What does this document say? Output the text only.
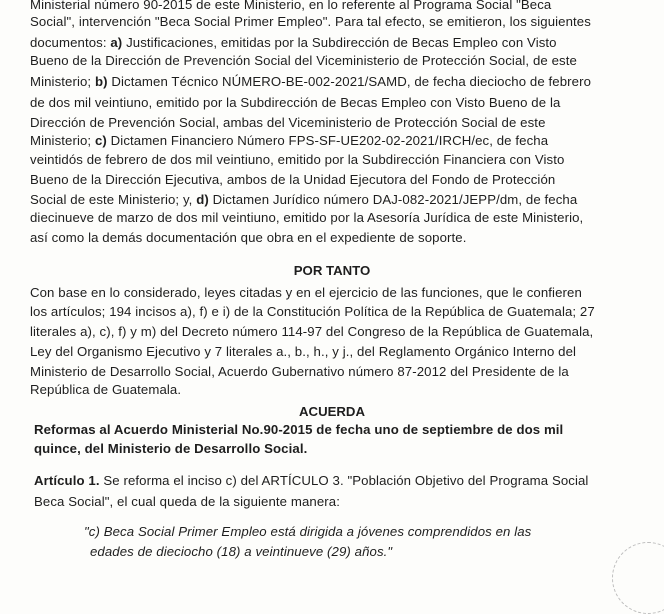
Ministerial número 90-2015 de este Ministerio, en lo referente al Programa Social "Beca
Social", intervención "Beca Social Primer Empleo". Para tal efecto, se emitieron, los siguientes
documentos: a) Justificaciones, emitidas por la Subdirección de Becas Empleo con Visto
Bueno de la Dirección de Prevención Social del Viceministerio de Protección Social, de este
Ministerio; b) Dictamen Técnico NÚMERO-BE-002-2021/SAMD, de fecha dieciocho de febrero
de dos mil veintiuno, emitido por la Subdirección de Becas Empleo con Visto Bueno de la
Dirección de Prevención Social, ambas del Viceministerio de Protección Social de este
Ministerio; c) Dictamen Financiero Número FPS-SF-UE202-02-2021/IRCH/ec, de fecha
veintidós de febrero de dos mil veintiuno, emitido por la Subdirección Financiera con Visto
Bueno de la Dirección Ejecutiva, ambos de la Unidad Ejecutora del Fondo de Protección
Social de este Ministerio; y, d) Dictamen Jurídico número DAJ-082-2021/JEPP/dm, de fecha
diecinueve de marzo de dos mil veintiuno, emitido por la Asesoría Jurídica de este Ministerio,
así como la demás documentación que obra en el expediente de soporte.
POR TANTO
Con base en lo considerado, leyes citadas y en el ejercicio de las funciones, que le confieren
los artículos; 194 incisos a), f) e i) de la Constitución Política de la República de Guatemala; 27
literales a), c), f) y m) del Decreto número 114-97 del Congreso de la República de Guatemala,
Ley del Organismo Ejecutivo y 7 literales a., b., h., y j., del Reglamento Orgánico Interno del
Ministerio de Desarrollo Social, Acuerdo Gubernativo número 87-2012 del Presidente de la
República de Guatemala.
ACUERDA
Reformas al Acuerdo Ministerial No.90-2015 de fecha uno de septiembre de dos mil
quince, del Ministerio de Desarrollo Social.
Artículo 1. Se reforma el inciso c) del ARTÍCULO 3. "Población Objetivo del Programa Social
Beca Social", el cual queda de la siguiente manera:
"c) Beca Social Primer Empleo está dirigida a jóvenes comprendidos en las
edades de dieciocho (18) a veintinueve (29) años."
